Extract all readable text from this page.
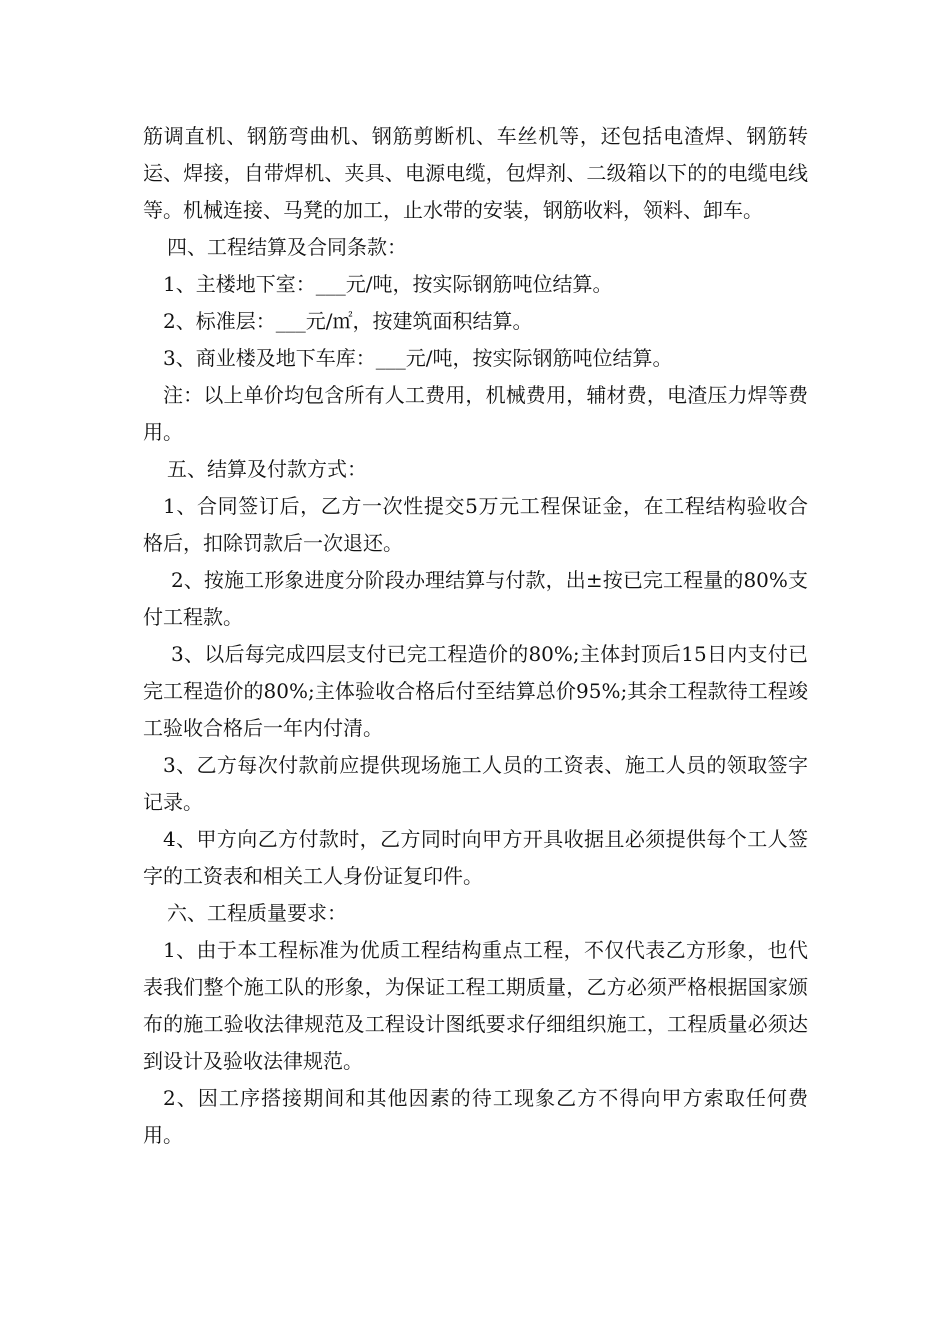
筋调直机、钢筋弯曲机、钢筋剪断机、车丝机等，还包括电渣焊、钢筋转运、焊接，自带焊机、夹具、电源电缆，包焊剂、二级箱以下的的电缆电线等。机械连接、马凳的加工，止水带的安装，钢筋收料，领料、卸车。

四、工程结算及合同条款：

1、主楼地下室：___元/吨，按实际钢筋吨位结算。

2、标准层：___元/㎡，按建筑面积结算。

3、商业楼及地下车库：___元/吨，按实际钢筋吨位结算。

注：以上单价均包含所有人工费用，机械费用，辅材费，电渣压力焊等费用。

五、结算及付款方式：

1、合同签订后，乙方一次性提交5万元工程保证金，在工程结构验收合格后，扣除罚款后一次退还。

2、按施工形象进度分阶段办理结算与付款，出±按已完工程量的80%支付工程款。

3、以后每完成四层支付已完工程造价的80%;主体封顶后15日内支付已完工程造价的80%;主体验收合格后付至结算总价95%;其余工程款待工程竣工验收合格后一年内付清。

3、乙方每次付款前应提供现场施工人员的工资表、施工人员的领取签字记录。

4、甲方向乙方付款时，乙方同时向甲方开具收据且必须提供每个工人签字的工资表和相关工人身份证复印件。

六、工程质量要求：

1、由于本工程标准为优质工程结构重点工程，不仅代表乙方形象，也代表我们整个施工队的形象，为保证工程工期质量，乙方必须严格根据国家颁布的施工验收法律规范及工程设计图纸要求仔细组织施工，工程质量必须达到设计及验收法律规范。

2、因工序搭接期间和其他因素的待工现象乙方不得向甲方索取任何费用。
